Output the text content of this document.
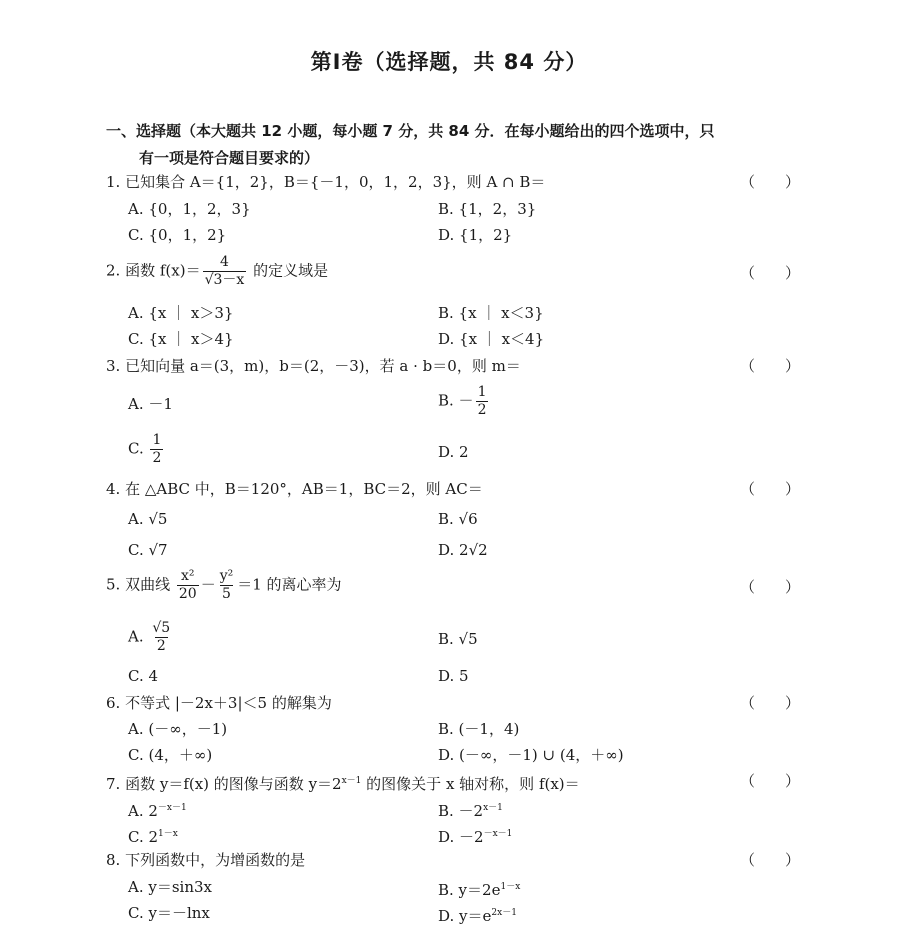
第Ⅰ卷（选择题，共 84 分）
一、选择题（本大题共 12 小题，每小题 7 分，共 84 分．在每小题给出的四个选项中，只
有一项是符合题目要求的）
1. 已知集合 A＝{1，2}，B＝{－1，0，1，2，3}，则 A ∩ B＝	（　　）
A. {0，1，2，3}	B. {1，2，3}
C. {0，1，2}	D. {1，2}
2. 函数 $f(x)= \frac{4}{√3-x}$ 的定义域是	（　　）
A. {x ｜ x＞3}	B. {x ｜ x＜3}
C. {x ｜ x＞4}	D. {x ｜ x＜4}
3. 已知向量 a＝(3，m)，b＝(2，－3)，若 a · b＝0，则 m＝	（　　）
A. －1	B. － $\frac{1}{2}$
C. $\frac{1}{2}$	D. 2
4. 在 △ABC 中，B＝120°，AB＝1，BC＝2，则 AC＝	（　　）
A. √5	B. √6
C. √7	D. 2√2
5. 双曲线 $\frac{\text{x²}}{20} - \frac{\text{y²}}{5} =1$ 的离心率为	（　　）
A. $\frac{√5}{2}$	B. √5
C. 4	D. 5
6. 不等式 |－2x＋3|＜5 的解集为	（　　）
A. (－∞，－1)	B. (－1，4)
C. (4，＋∞)	D. (－∞，－1) ∪ (4，＋∞)
7. 函数 y＝f(x) 的图像与函数 $y=2^{x-1}$ 的图像关于 x 轴对称，则 f(x)＝	（　　）
A. $2^{-x-1}$	B. $-2^{x-1}$
C. $2^{1-x}$	D. $-2^{-x-1}$
8. 下列函数中，为增函数的是	（　　）
A. y＝sin3x	B. $y=2e^{1-x}$
C. y＝－lnx	D. $y=e^{2x-1}$
